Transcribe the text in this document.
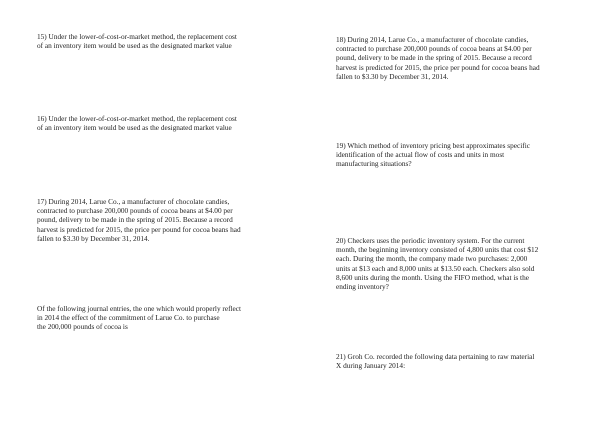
15) Under the lower-of-cost-or-market method, the replacement cost
of an inventory item would be used as the designated market value

16) Under the lower-of-cost-or-market method, the replacement cost
of an inventory item would be used as the designated market value

17) During 2014, Larue Co., a manufacturer of chocolate candies,
contracted to purchase 200,000 pounds of cocoa beans at $4.00 per
pound, delivery to be made in the spring of 2015. Because a record
harvest is predicted for 2015, the price per pound for cocoa beans had
fallen to $3.30 by December 31, 2014.

Of the following journal entries, the one which would properly reflect
in 2014 the effect of the commitment of Larue Co. to purchase
the 200,000 pounds of cocoa is

18) During 2014, Larue Co., a manufacturer of chocolate candies,
contracted to purchase 200,000 pounds of cocoa beans at $4.00 per
pound, delivery to be made in the spring of 2015. Because a record
harvest is predicted for 2015, the price per pound for cocoa beans had
fallen to $3.30 by December 31, 2014.

19) Which method of inventory pricing best approximates specific
identification of the actual flow of costs and units in most
manufacturing situations?

20) Checkers uses the periodic inventory system. For the current
month, the beginning inventory consisted of 4,800 units that cost $12
each. During the month, the company made two purchases: 2,000
units at $13 each and 8,000 units at $13.50 each. Checkers also sold
8,600 units during the month. Using the FIFO method, what is the
ending inventory?

21) Groh Co. recorded the following data pertaining to raw material
X during January 2014:
